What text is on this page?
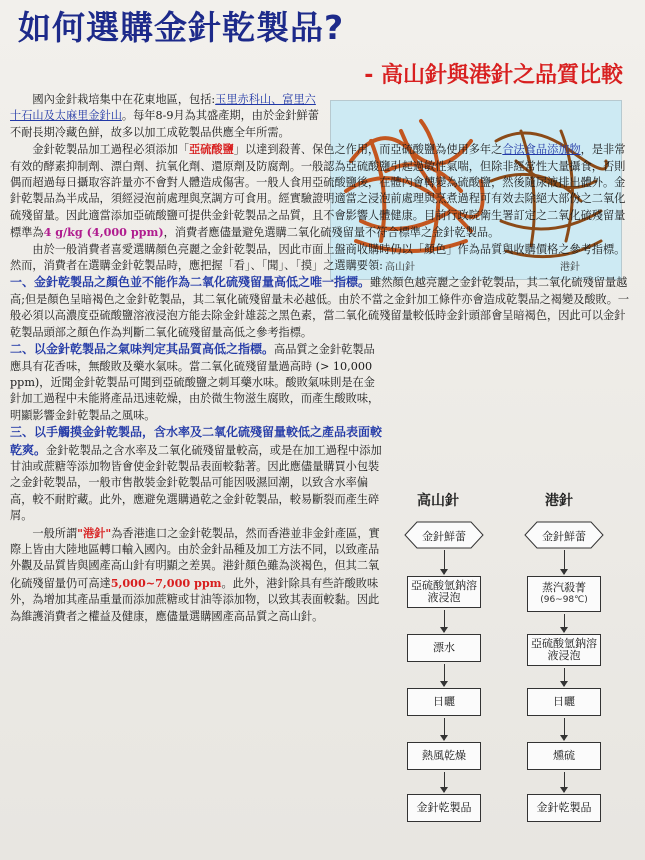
如何選購金針乾製品?
- 高山針與港針之品質比較
高山針	港針
國內金針栽培集中在花東地區，包括:玉里赤科山、富里六十石山及太麻里金針山。每年8-9月為其盛產期，由於金針鮮蕾不耐長期冷藏色鮮，故多以加工成乾製品供應全年所需。
金針乾製品加工過程必須添加「亞硫酸鹽」以達到殺菁、保色之作用，而亞硫酸鹽為使用多年之合法食品添加物，是非常有效的酵素抑制劑、漂白劑、抗氧化劑、還原劑及防腐劑。一般認為亞硫酸鹽引起過敏性氣喘，但除非經常性大量攝食，否則偶而超過每日攝取容許量亦不會對人體造成傷害。一般人食用亞硫酸鹽後，在體內會轉變為硫酸鹽，然後隨尿液排出體外。金針乾製品為半成品，須經浸泡前處理與烹調方可食用。經實驗證明適當之浸泡前處理與烹煮過程可有效去除絕大部份之二氧化硫殘留量。因此適當添加亞硫酸鹽可提供金針乾製品之品質，且不會影響人體健康。目前行政院衛生署訂定之二氧化硫殘留量標準為4 g/kg (4,000 ppm)，消費者應儘量避免選購二氧化硫殘留量不符合標準之金針乾製品。
由於一般消費者喜愛選購顏色亮麗之金針乾製品，因此市面上盤商收購時仍以「顏色」作為品質與收購價格之參考指標。然而，消費者在選購金針乾製品時，應把握「看」、「聞」、「摸」之選購要領:
一、金針乾製品之顏色並不能作為二氧化硫殘留量高低之唯一指標。雖然顏色越亮麗之金針乾製品，其二氧化硫殘留量越高;但是顏色呈暗褐色之金針乾製品，其二氧化硫殘留量未必越低。由於不當之金針加工條件亦會造成乾製品之褐變及酸敗。一般必須以高濃度亞硫酸鹽溶液浸泡方能去除金針雄蕊之黑色素，當二氧化硫殘留量較低時金針頭部會呈暗褐色，因此可以金針乾製品頭部之顏色作為判斷二氧化硫殘留量高低之參考指標。
二、以金針乾製品之氣味判定其品質高低之指標。高品質之金針乾製品應具有花香味，無酸敗及藥水氣味。當二氧化硫殘留量過高時 (> 10,000 ppm)，近聞金針乾製品可聞到亞硫酸鹽之刺耳藥水味。酸敗氣味則是在金針加工過程中未能將產品迅速乾燥，由於微生物滋生腐敗，而產生酸敗味，明顯影響金針乾製品之風味。
三、以手觸摸金針乾製品，含水率及二氧化硫殘留量較低之產品表面較乾爽。金針乾製品之含水率及二氧化硫殘留量較高，或是在加工過程中添加甘油或蔗糖等添加物皆會使金針乾製品表面較黏著。因此應儘量購買小包裝之金針乾製品，一般市售散裝金針乾製品可能因吸濕回潮，以致含水率偏高，較不耐貯藏。此外，應避免選購過乾之金針乾製品，較易斷裂而產生碎屑。
一般所謂"港針"為香港進口之金針乾製品，然而香港並非金針產區，實際上皆由大陸地區轉口輸入國內。由於金針品種及加工方法不同，以致產品外觀及品質皆與國產高山針有明顯之差異。港針顏色雖為淡褐色，但其二氧化硫殘留量仍可高達5,000~7,000 ppm。此外，港針除具有些許酸敗味外，為增加其產品重量而添加蔗糖或甘油等添加物，以致其表面較黏。因此為維護消費者之權益及健康，應儘量選購國產高品質之高山針。
高山針	港針
金針鮮蕾	金針鮮蕾
亞硫酸氫鈉溶液浸泡
蒸汽殺菁
(96~98℃)
漂水	亞硫酸氫鈉溶液浸泡
日曬	日曬
熱風乾燥	燻硫
金針乾製品	金針乾製品
